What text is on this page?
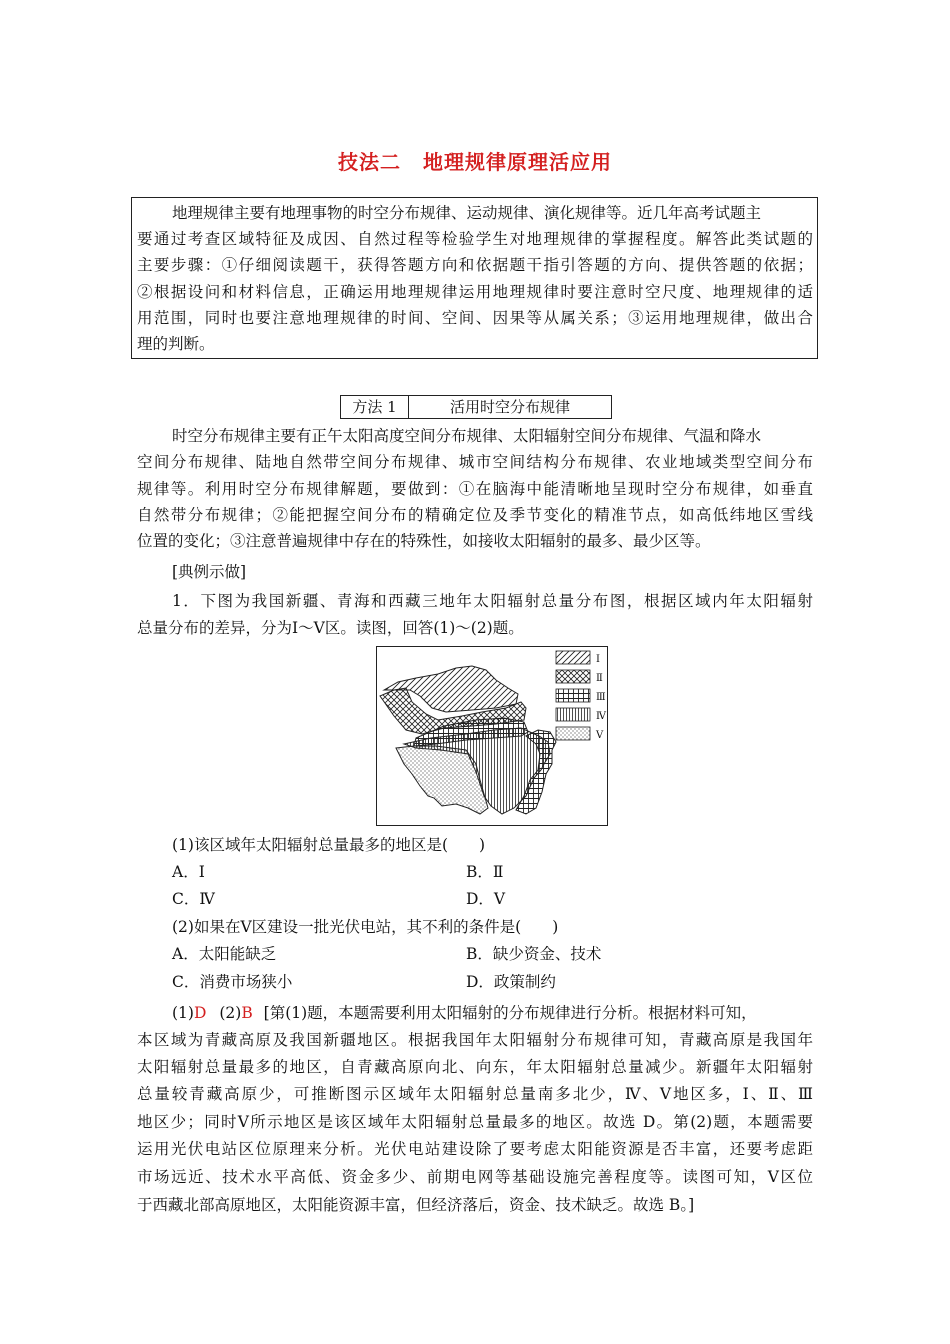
技法二 地理规律原理活应用
地理规律主要有地理事物的时空分布规律、运动规律、演化规律等。近几年高考试题主
要通过考查区域特征及成因、自然过程等检验学生对地理规律的掌握程度。解答此类试题的
主要步骤：①仔细阅读题干，获得答题方向和依据题干指引答题的方向、提供答题的依据；
②根据设问和材料信息，正确运用地理规律运用地理规律时要注意时空尺度、地理规律的适
用范围，同时也要注意地理规律的时间、空间、因果等从属关系；③运用地理规律，做出合
理的判断。
方法 1	活用时空分布规律
时空分布规律主要有正午太阳高度空间分布规律、太阳辐射空间分布规律、气温和降水
空间分布规律、陆地自然带空间分布规律、城市空间结构分布规律、农业地域类型空间分布
规律等。利用时空分布规律解题，要做到：①在脑海中能清晰地呈现时空分布规律，如垂直
自然带分布规律；②能把握空间分布的精确定位及季节变化的精准节点，如高低纬地区雪线
位置的变化；③注意普遍规律中存在的特殊性，如接收太阳辐射的最多、最少区等。
[典例示做]
1．下图为我国新疆、青海和西藏三地年太阳辐射总量分布图，根据区域内年太阳辐射
总量分布的差异，分为Ⅰ～Ⅴ区。读图，回答(1)～(2)题。
Ⅰ
Ⅱ
Ⅲ
Ⅳ
Ⅴ
(1)该区域年太阳辐射总量最多的地区是(　　)
A．Ⅰ	B．Ⅱ
C．Ⅳ	D．Ⅴ
(2)如果在Ⅴ区建设一批光伏电站，其不利的条件是(　　)
A．太阳能缺乏	B．缺少资金、技术
C．消费市场狭小	D．政策制约
(1)D (2)B [第(1)题，本题需要利用太阳辐射的分布规律进行分析。根据材料可知，
本区域为青藏高原及我国新疆地区。根据我国年太阳辐射分布规律可知，青藏高原是我国年
太阳辐射总量最多的地区，自青藏高原向北、向东，年太阳辐射总量减少。新疆年太阳辐射
总量较青藏高原少，可推断图示区域年太阳辐射总量南多北少，Ⅳ、Ⅴ地区多，Ⅰ、Ⅱ、Ⅲ
地区少；同时Ⅴ所示地区是该区域年太阳辐射总量最多的地区。故选 D。第(2)题，本题需要
运用光伏电站区位原理来分析。光伏电站建设除了要考虑太阳能资源是否丰富，还要考虑距
市场远近、技术水平高低、资金多少、前期电网等基础设施完善程度等。读图可知，Ⅴ区位
于西藏北部高原地区，太阳能资源丰富，但经济落后，资金、技术缺乏。故选 B。]
